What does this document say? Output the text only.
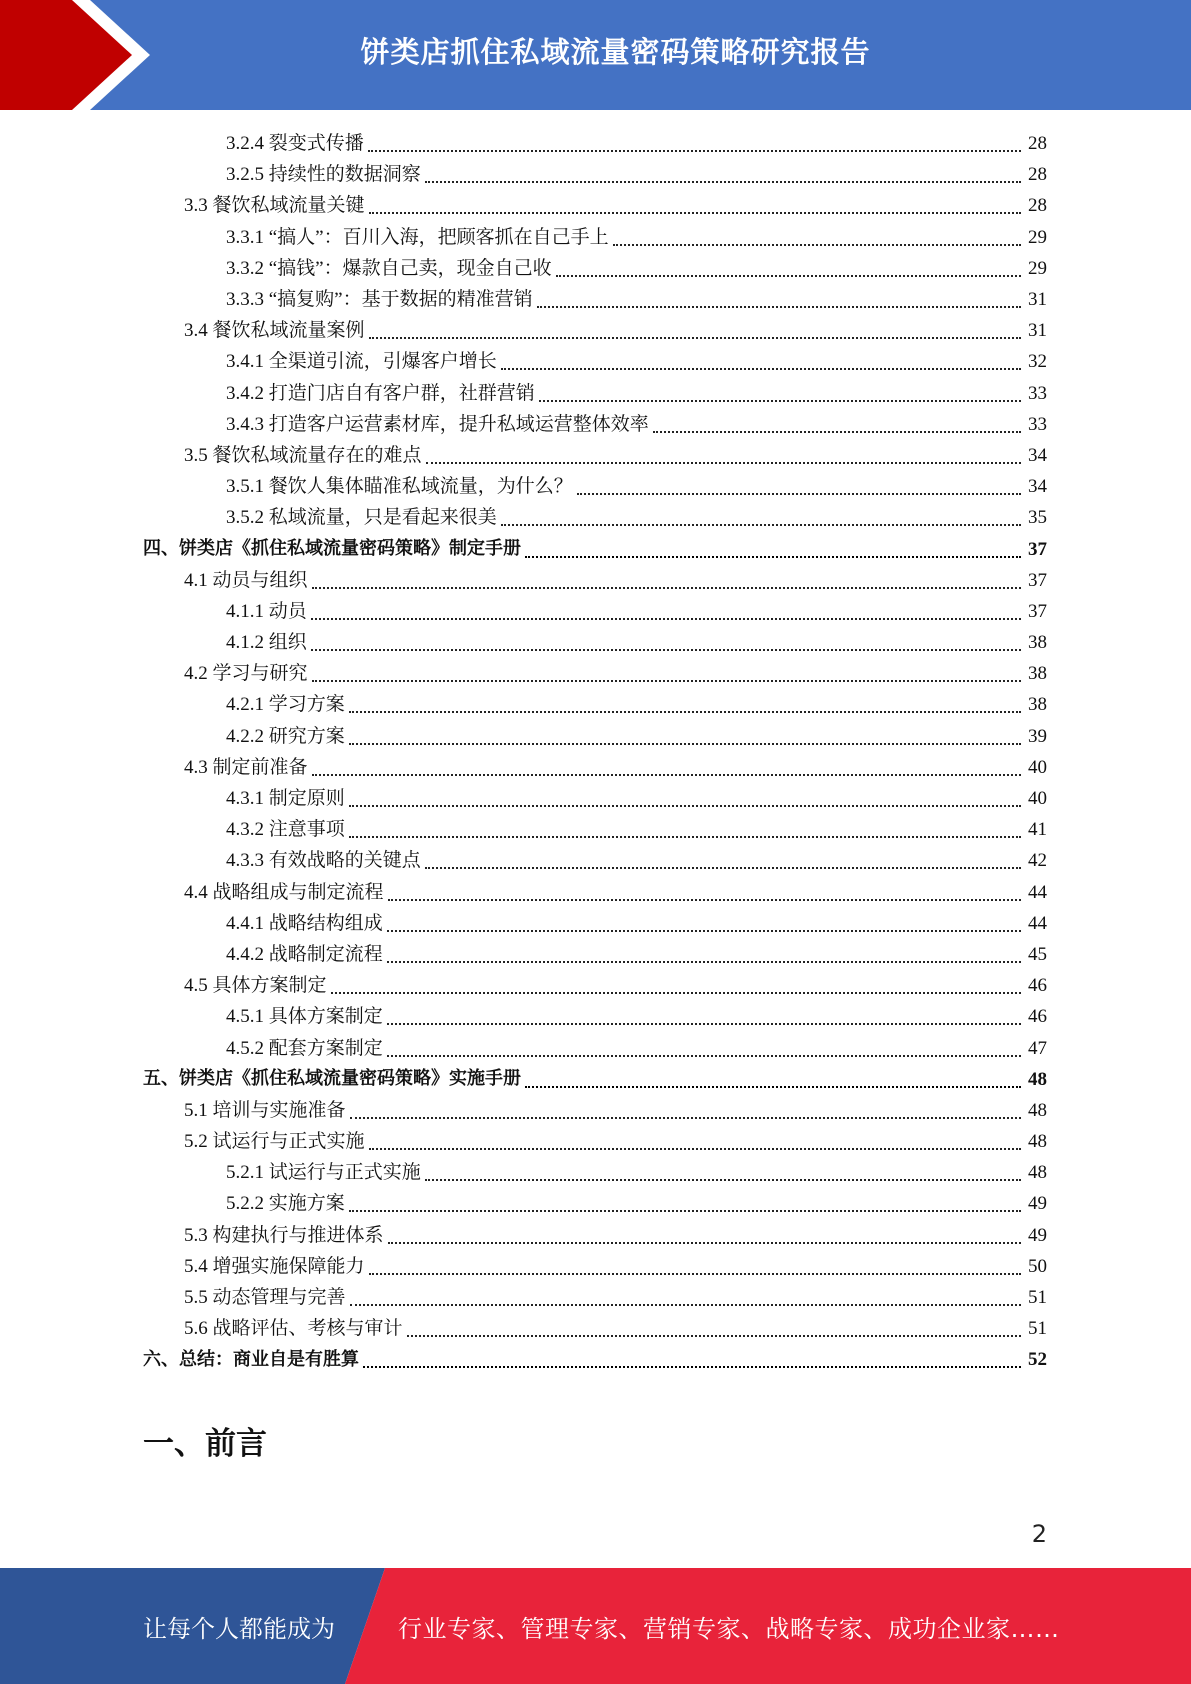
饼类店抓住私域流量密码策略研究报告
3.2.4 裂变式传播	28
3.2.5 持续性的数据洞察	28
3.3 餐饮私域流量关键	28
3.3.1 “搞人”：百川入海，把顾客抓在自己手上	29
3.3.2 “搞钱”：爆款自己卖，现金自己收	29
3.3.3 “搞复购”：基于数据的精准营销	31
3.4 餐饮私域流量案例	31
3.4.1 全渠道引流，引爆客户增长	32
3.4.2 打造门店自有客户群，社群营销	33
3.4.3 打造客户运营素材库，提升私域运营整体效率	33
3.5 餐饮私域流量存在的难点	34
3.5.1 餐饮人集体瞄准私域流量，为什么？	34
3.5.2 私域流量，只是看起来很美	35
四、饼类店《抓住私域流量密码策略》制定手册	37
4.1 动员与组织	37
4.1.1 动员	37
4.1.2 组织	38
4.2 学习与研究	38
4.2.1 学习方案	38
4.2.2 研究方案	39
4.3 制定前准备	40
4.3.1 制定原则	40
4.3.2 注意事项	41
4.3.3 有效战略的关键点	42
4.4 战略组成与制定流程	44
4.4.1 战略结构组成	44
4.4.2 战略制定流程	45
4.5 具体方案制定	46
4.5.1 具体方案制定	46
4.5.2 配套方案制定	47
五、饼类店《抓住私域流量密码策略》实施手册	48
5.1 培训与实施准备	48
5.2 试运行与正式实施	48
5.2.1 试运行与正式实施	48
5.2.2 实施方案	49
5.3 构建执行与推进体系	49
5.4 增强实施保障能力	50
5.5 动态管理与完善	51
5.6 战略评估、考核与审计	51
六、总结：商业自是有胜算	52
一、前言
2
让每个人都能成为	行业专家、管理专家、营销专家、战略专家、成功企业家……
